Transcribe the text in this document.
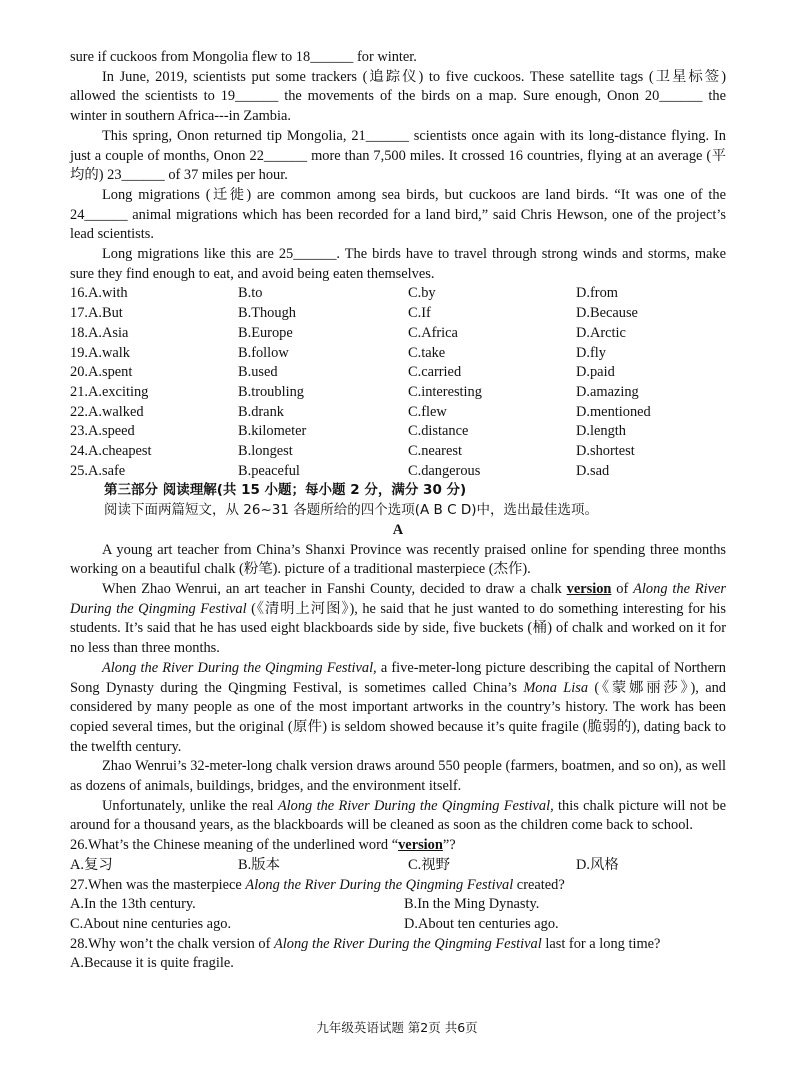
sure if cuckoos from Mongolia flew to 18______ for winter.

In June, 2019, scientists put some trackers (追踪仪) to five cuckoos. These satellite tags (卫星标签) allowed the scientists to 19______ the movements of the birds on a map. Sure enough, Onon 20______ the winter in southern Africa---in Zambia.

This spring, Onon returned tip Mongolia, 21______ scientists once again with its long-distance flying. In just a couple of months, Onon 22______ more than 7,500 miles. It crossed 16 countries, flying at an average (平均的) 23______ of 37 miles per hour.

Long migrations (迁徙) are common among sea birds, but cuckoos are land birds. “It was one of the 24______ animal migrations which has been recorded for a land bird,” said Chris Hewson, one of the project’s lead scientists.

Long migrations like this are 25______. The birds have to travel through strong winds and storms, make sure they find enough to eat, and avoid being eaten themselves.

16.A.with	B.to	C.by	D.from
17.A.But	B.Though	C.If	D.Because
18.A.Asia	B.Europe	C.Africa	D.Arctic
19.A.walk	B.follow	C.take	D.fly
20.A.spent	B.used	C.carried	D.paid
21.A.exciting	B.troubling	C.interesting	D.amazing
22.A.walked	B.drank	C.flew	D.mentioned
23.A.speed	B.kilometer	C.distance	D.length
24.A.cheapest	B.longest	C.nearest	D.shortest
25.A.safe	B.peaceful	C.dangerous	D.sad

第三部分 阅读理解(共 15 小题；每小题 2 分，满分 30 分)

阅读下面两篇短文，从 26~31 各题所给的四个选项(A B C D)中，选出最佳选项。

A

A young art teacher from China’s Shanxi Province was recently praised online for spending three months working on a beautiful chalk (粉笔). picture of a traditional masterpiece (杰作).

When Zhao Wenrui, an art teacher in Fanshi County, decided to draw a chalk version of Along the River During the Qingming Festival (《清明上河图》), he said that he just wanted to do something interesting for his students. It’s said that he has used eight blackboards side by side, five buckets (桶) of chalk and worked on it for no less than three months.

Along the River During the Qingming Festival, a five-meter-long picture describing the capital of Northern Song Dynasty during the Qingming Festival, is sometimes called China’s Mona Lisa (《蒙娜丽莎》), and considered by many people as one of the most important artworks in the country’s history. The work has been copied several times, but the original (原件) is seldom showed because it’s quite fragile (脆弱的), dating back to the twelfth century.

Zhao Wenrui’s 32-meter-long chalk version draws around 550 people (farmers, boatmen, and so on), as well as dozens of animals, buildings, bridges, and the environment itself.

Unfortunately, unlike the real Along the River During the Qingming Festival, this chalk picture will not be around for a thousand years, as the blackboards will be cleaned as soon as the children come back to school.

26.What’s the Chinese meaning of the underlined word “version”?

A.复习	B.版本	C.视野	D.风格

27.When was the masterpiece Along the River During the Qingming Festival created?

A.In the 13th century.	B.In the Ming Dynasty.
C.About nine centuries ago.	D.About ten centuries ago.

28.Why won’t the chalk version of Along the River During the Qingming Festival last for a long time?

A.Because it is quite fragile.

九年级英语试题 第2页 共6页
